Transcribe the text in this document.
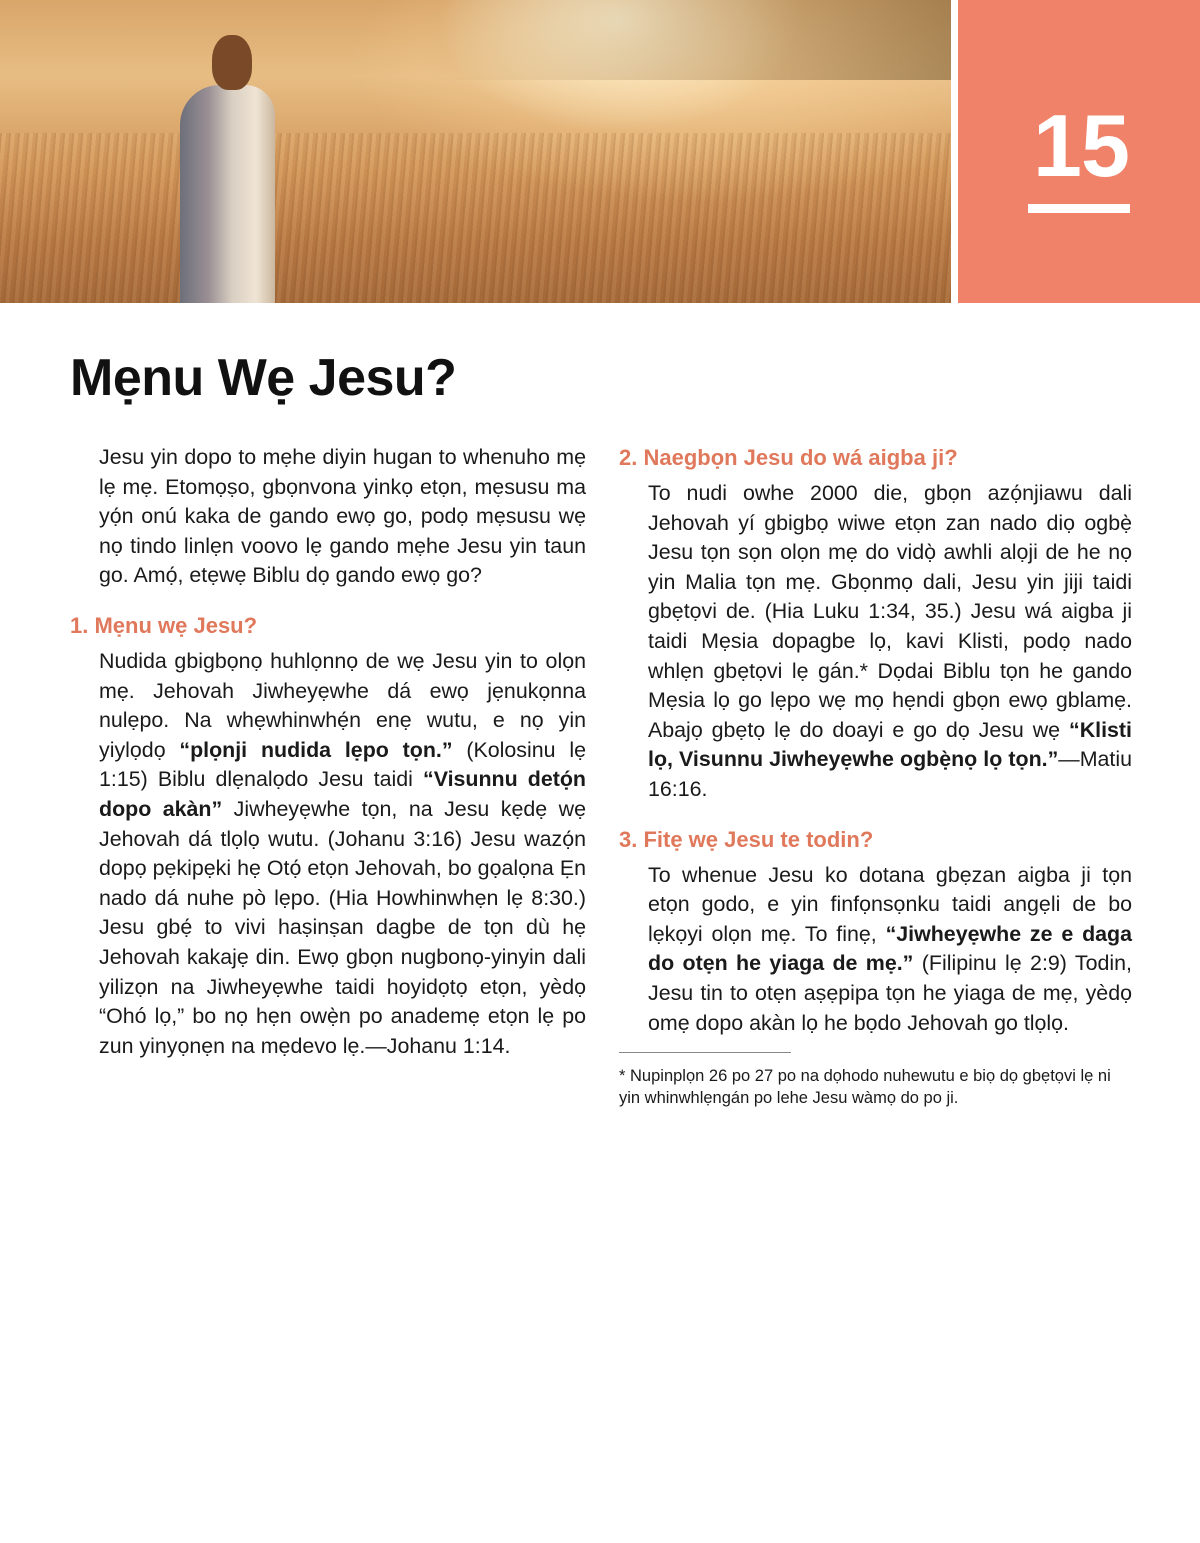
15
Mẹnu Wẹ Jesu?

Jesu yin dopo to mẹhe diyin hugan to whenuho mẹ lẹ mẹ. Etomọṣo, gbọnvona yinkọ etọn, mẹsusu ma yọ́n onú kaka de gando ewọ go, podọ mẹsusu wẹ nọ tindo linlẹn voovo lẹ gando mẹhe Jesu yin taun go. Amọ́, etẹwẹ Biblu dọ gando ewọ go?

1. Mẹnu wẹ Jesu?

Nudida gbigbọnọ huhlọnnọ de wẹ Jesu yin to olọn mẹ. Jehovah Jiwheyẹwhe dá ewọ jẹnukọnna nulẹpo. Na whẹwhinwhẹ́n enẹ wutu, e nọ yin yiylọdọ “plọnji nudida lẹpo tọn.” (Kolosinu lẹ 1:15) Biblu dlẹnalọdo Jesu taidi “Visunnu detọ́n dopo akàn” Jiwheyẹwhe tọn, na Jesu kẹdẹ wẹ Jehovah dá tlọlọ wutu. (Johanu 3:16) Jesu wazọ́n dopọ pẹkipẹki hẹ Otọ́ etọn Jehovah, bo gọalọna Ẹn nado dá nuhe pò lẹpo. (Hia Howhinwhẹn lẹ 8:30.) Jesu gbẹ́ to vivi haṣinṣan dagbe de tọn dù hẹ Jehovah kakajẹ din. Ewọ gbọn nugbonọ-yinyin dali yilizọn na Jiwheyẹwhe taidi hoyidọtọ etọn, yèdọ “Ohó lọ,” bo nọ hẹn owẹ̀n po anademẹ etọn lẹ po zun yinyọnẹn na mẹdevo lẹ.—Johanu 1:14.

2. Naegbọn Jesu do wá aigba ji?

To nudi owhe 2000 die, gbọn azọ́njiawu dali Jehovah yí gbigbọ wiwe etọn zan nado diọ ogbẹ̀ Jesu tọn sọn olọn mẹ do vidọ̀ awhli alọji de he nọ yin Malia tọn mẹ. Gbọnmọ dali, Jesu yin jiji taidi gbẹtọvi de. (Hia Luku 1:34, 35.) Jesu wá aigba ji taidi Mẹsia dopagbe lọ, kavi Klisti, podọ nado whlẹn gbẹtọvi lẹ gán.* Dọdai Biblu tọn he gando Mẹsia lọ go lẹpo wẹ mọ hẹndi gbọn ewọ gblamẹ. Abajọ gbẹtọ lẹ do doayi e go dọ Jesu wẹ “Klisti lọ, Visunnu Jiwheyẹwhe ogbẹ̀nọ lọ tọn.”—Matiu 16:16.

3. Fitẹ wẹ Jesu te todin?

To whenue Jesu ko dotana gbẹzan aigba ji tọn etọn godo, e yin finfọnsọnku taidi angẹli de bo lẹkọyi olọn mẹ. To finẹ, “Jiwheyẹwhe ze e daga do otẹn he yiaga de mẹ.” (Filipinu lẹ 2:9) Todin, Jesu tin to otẹn aṣẹpipa tọn he yiaga de mẹ, yèdọ omẹ dopo akàn lọ he bọdo Jehovah go tlọlọ.

* Nupinplọn 26 po 27 po na dọhodo nuhewutu e biọ dọ gbẹtọvi lẹ ni yin whinwhlẹngán po lehe Jesu wàmọ do po ji.
